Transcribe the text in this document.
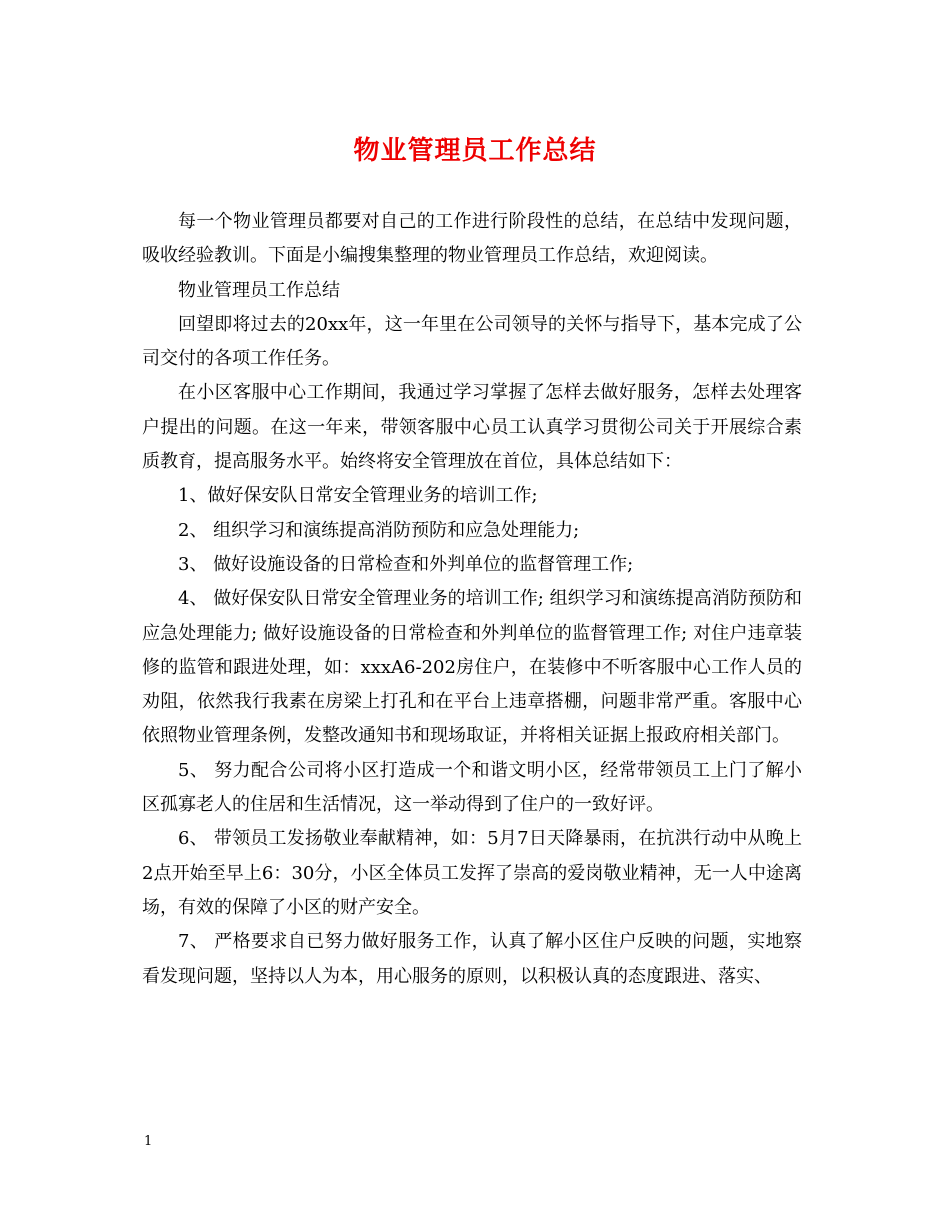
物业管理员工作总结

每一个物业管理员都要对自己的工作进行阶段性的总结，在总结中发现问题，吸收经验教训。下面是小编搜集整理的物业管理员工作总结，欢迎阅读。

物业管理员工作总结

回望即将过去的20xx年，这一年里在公司领导的关怀与指导下，基本完成了公司交付的各项工作任务。

在小区客服中心工作期间，我通过学习掌握了怎样去做好服务，怎样去处理客户提出的问题。在这一年来，带领客服中心员工认真学习贯彻公司关于开展综合素质教育，提高服务水平。始终将安全管理放在首位，具体总结如下：

1、做好保安队日常安全管理业务的培训工作;

2、 组织学习和演练提高消防预防和应急处理能力;

3、 做好设施设备的日常检查和外判单位的监督管理工作;

4、 做好保安队日常安全管理业务的培训工作; 组织学习和演练提高消防预防和应急处理能力; 做好设施设备的日常检查和外判单位的监督管理工作; 对住户违章装修的监管和跟进处理，如：xxxA6-202房住户，在装修中不听客服中心工作人员的劝阻，依然我行我素在房梁上打孔和在平台上违章搭棚，问题非常严重。客服中心依照物业管理条例，发整改通知书和现场取证，并将相关证据上报政府相关部门。

5、 努力配合公司将小区打造成一个和谐文明小区，经常带领员工上门了解小区孤寡老人的住居和生活情况，这一举动得到了住户的一致好评。

6、 带领员工发扬敬业奉献精神，如：5月7日天降暴雨，在抗洪行动中从晚上2点开始至早上6：30分，小区全体员工发挥了崇高的爱岗敬业精神，无一人中途离场，有效的保障了小区的财产安全。

7、 严格要求自已努力做好服务工作，认真了解小区住户反映的问题，实地察看发现问题，坚持以人为本，用心服务的原则，以积极认真的态度跟进、落实、

1
